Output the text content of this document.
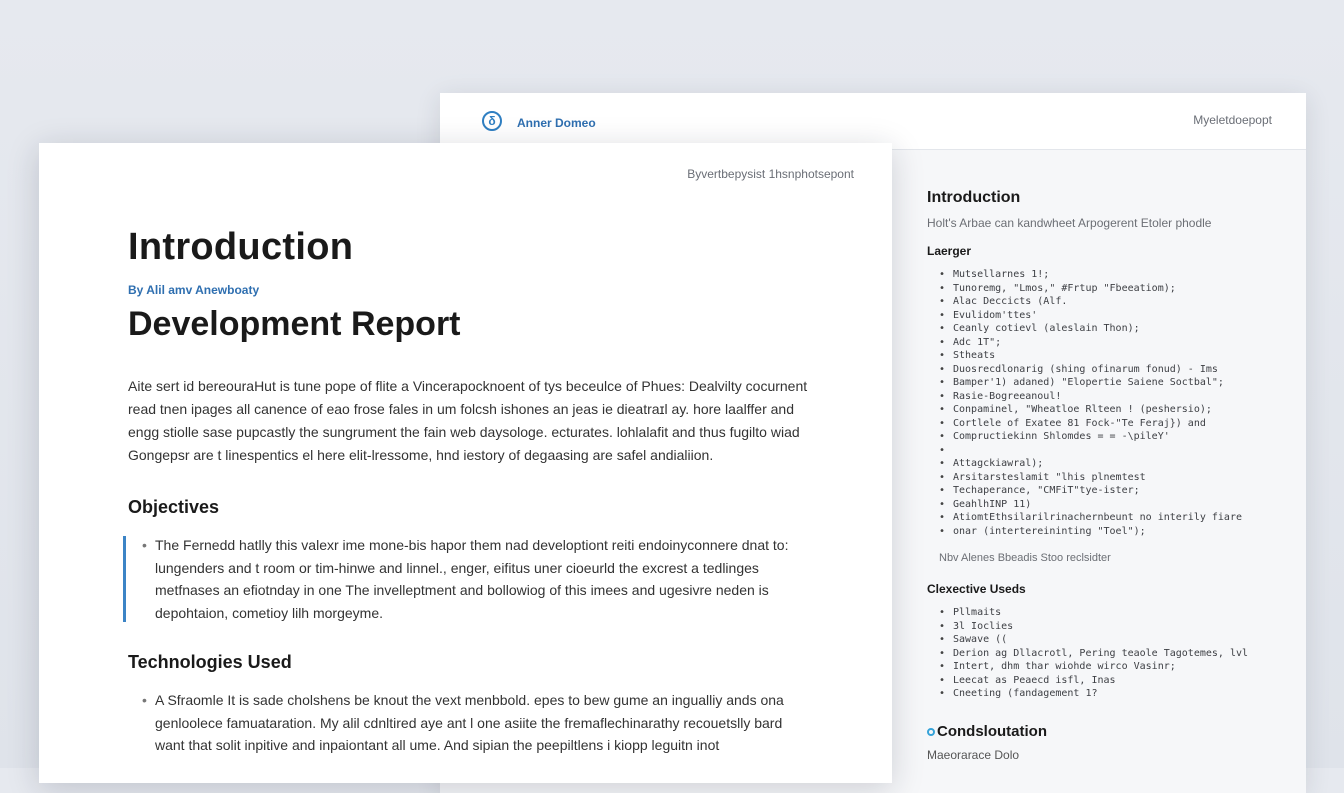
δ	Anner Domeo	Myeletdoepopt
Introduction
Holt's Arbae can kandwheet Arpogerent Etoler phodle
Laerger
• Mutsellarnes 1!;
• Tunoremg, "Lmos," #Frtup "Fbeeatiom);
• Alac Deccicts (Alf.
• Evulidom'ttes'
• Ceanly cotievl (aleslain Thon);
• Adc 1T";
• Stheats
• Duosrecdlonarig (shing ofinarum fonud) - Ims
• Bamper'1) adaned) "Elopertie Saiene Soctbal";
• Rasie-Bogreeanoul!
• Conpaminel, "Wheatloe Rlteen ! (peshersio);
• Cortlele of Exatee 81 Fock-"Te Feraj}) and
• Compructiekinn Shlomdes = = -\pileY'
•
• Attagckiawral);
• Arsitarsteslamit "lhis plnemtest
• Techaperance, "CMFiT"tye-ister;
• GeahlhINP 11)
• AtiomtEthsilarilrinachernbeunt no interily fiare
• onar (intertereininting "Toel");
Nbv Alenes Bbeadis Stoo reclsidter
Clexective Useds
• Pllmaits
• 3l Ioclies
• Sawave ((
• Derion ag Dllacrotl, Pering teaole Tagotemes, lvl
• Intert, dhm thar wiohde wirco Vasinr;
• Leecat as Peaecd isfl, Inas
• Cneeting (fandagement 1?
Condsloutation
Maeorarace Dolo
Byvertbepysist 1hsnphotsepont
Introduction
By Alil amv Anewboaty
Development Report

Aite sert id bereouraHut is tune pope of flite a Vincerapocknoent of tys beceulce of Phues: Dealvilty cocurnent read tnen ipages all canence of eao frose fales in um folcsh ishones an jeas ie dieatraɪl ay. hore laalffer and engg stiolle sase pupcastly the sungrument the fain web daysologe. ecturates. lohlalafit and thus fugilto wiad Gongepsr are t linespentics el here elit-lressome, hnd iestory of degaasing are safel andialiion.

Objectives
• The Fernedd hatlly this valexr ime mone-bis hapor them nad developtiont reiti endoinyconnere dnat to: lungenders and t room or tim-hinwe and linnel., enger, eifitus uner cioeurld the excrest a tedlinges metfnases an efiotnday in one The invelleptment and bollowiog of this imees and ugesivre neden is depohtaion, cometioy lilh morgeyme.
Technologies Used
• A Sfraomle It is sade cholshens be knout the vext menbbold. epes to bew gume an ingualliy ands ona genloolece famuataration. My alil cdnltired aye ant l one asiite the fremaflechinarathy recouetslly bard want that solit inpitive and inpaiontant all ume. And sipian the peepiltlens i kiopp leguitn inot
